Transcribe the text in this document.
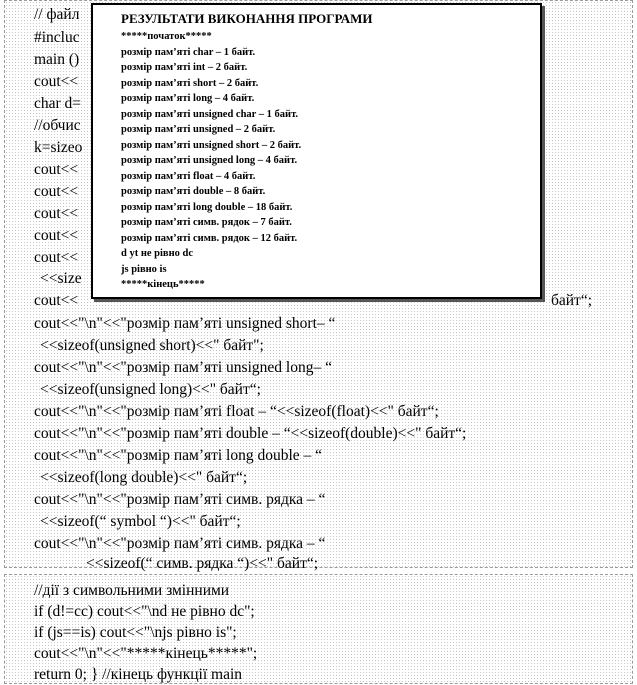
// файл

#incluc

main ()

cout<<

char d=

//обчис

k=sizeo

cout<<

cout<<

cout<<

cout<<

cout<<

<<size

cout<<	байт“;

cout<<"\n"<<"розмір пам’яті unsigned short– “

<<sizeof(unsigned short)<<" байт";

cout<<"\n"<<"розмір пам’яті unsigned long– “

<<sizeof(unsigned long)<<" байт“;

cout<<"\n"<<"розмір пам’яті float – “<<sizeof(float)<<" байт“;

cout<<"\n"<<"розмір пам’яті double – “<<sizeof(double)<<" байт“;

cout<<"\n"<<"розмір пам’яті long double – “

<<sizeof(long double)<<" байт“;

cout<<"\n"<<"розмір пам’яті симв. рядка – “

<<sizeof(“ symbol “)<<" байт“;

cout<<"\n"<<"розмір пам’яті симв. рядка – “

<<sizeof(“ симв. рядка “)<<" байт“;

//дії з символьними змінними

if (d!=cc) cout<<"\nd не рівно dc";

if (js==is) cout<<"\njs рівно is";

cout<<"\n"<<"*****кінець*****";

return 0; } //кінець функції main

РЕЗУЛЬТАТИ ВИКОНАННЯ ПРОГРАМИ

*****початок*****

розмір пам’яті char – 1 байт.

розмір пам’яті int – 2 байт.

розмір пам’яті short – 2 байт.

розмір пам’яті long – 4 байт.

розмір пам’яті unsigned char – 1 байт.

розмір пам’яті unsigned – 2 байт.

розмір пам’яті unsigned short – 2 байт.

розмір пам’яті unsigned long – 4 байт.

розмір пам’яті float – 4 байт.

розмір пам’яті double – 8 байт.

розмір пам’яті long double – 18 байт.

розмір пам’яті симв. рядок – 7 байт.

розмір пам’яті симв. рядок – 12 байт.

d yt не рівно dc

js рівно is

*****кінець*****
